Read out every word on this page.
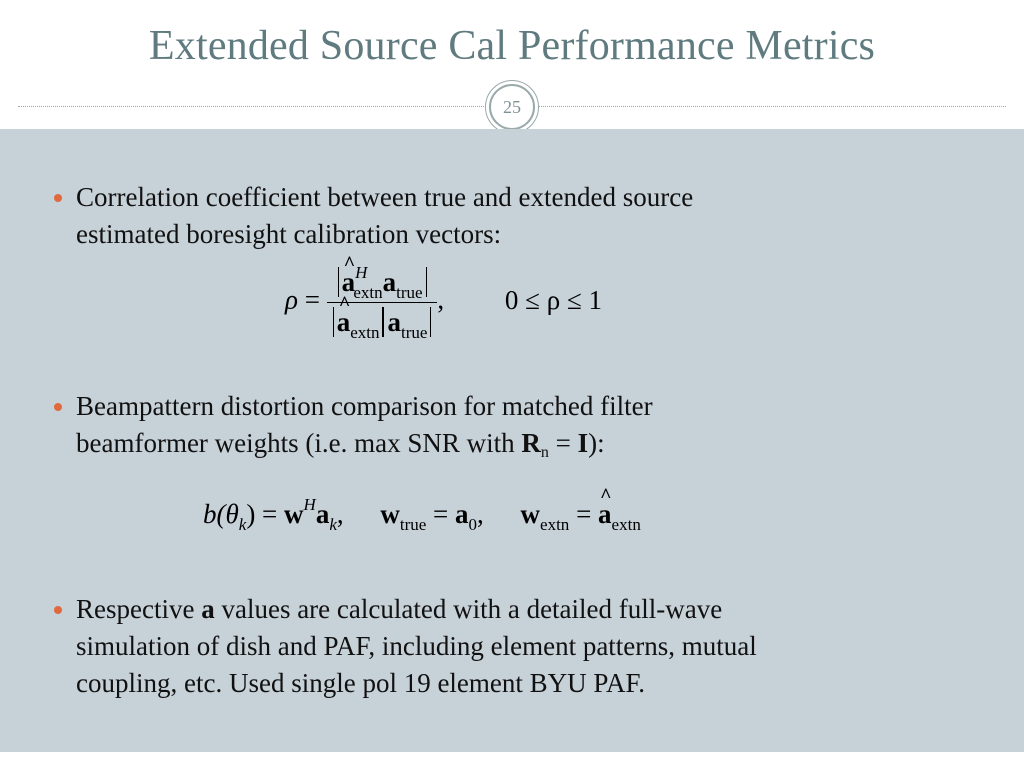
Extended Source Cal Performance Metrics
25
Correlation coefficient between true and extended source
estimated boresight calibration vectors:
ρ =
^ $a^H_{extn}a_{true}$
^ $a_{extn}$ $a_{true}$ , 0 ≤ ρ ≤ 1
Beampattern distortion comparison for matched filter
beamformer weights (i.e. max SNR with Rn = I):
$b(\theta_k) = w^Ha_k$, $w_{true} = a_0$, $w_{extn}$ = ^ $a_{extn}$
Respective a values are calculated with a detailed full-wave
simulation of dish and PAF, including element patterns, mutual
coupling, etc. Used single pol 19 element BYU PAF.
